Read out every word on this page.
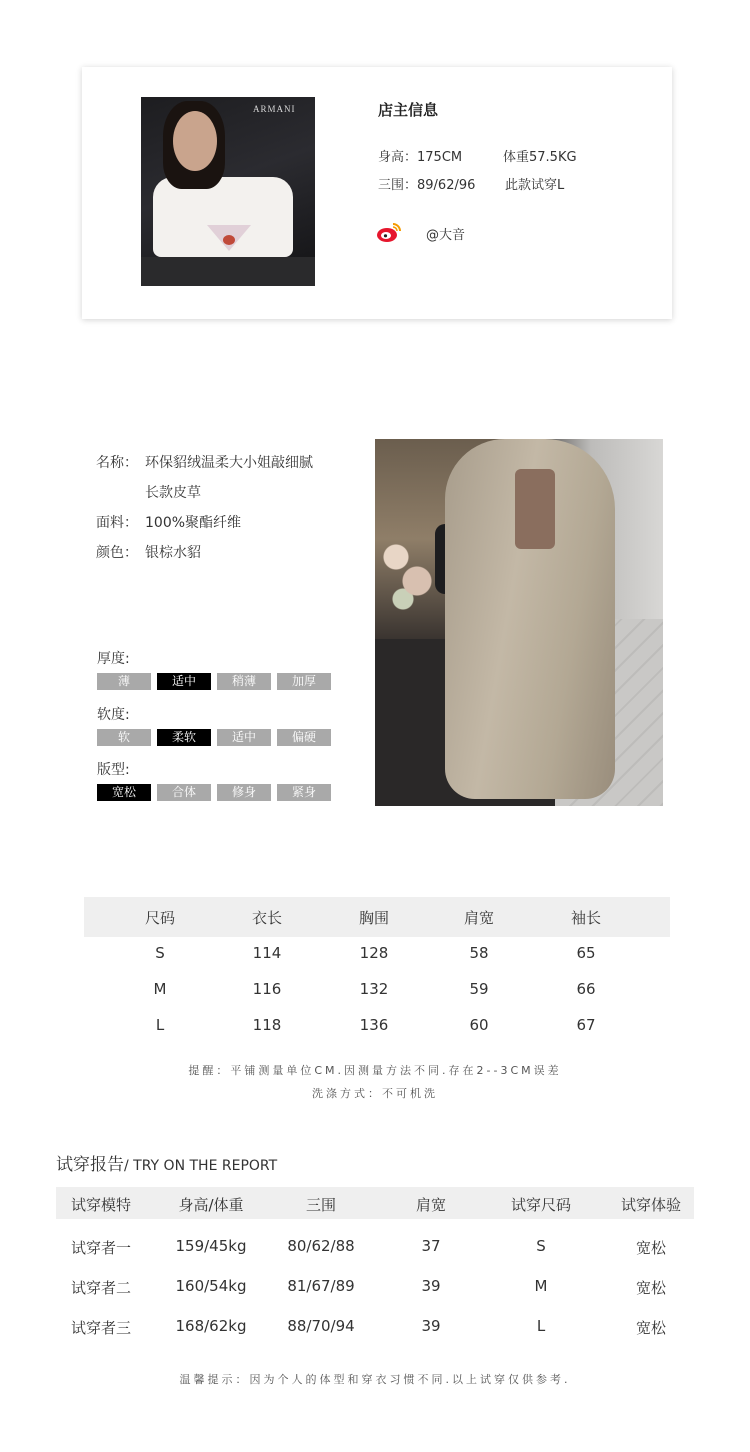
ARMANI	店主信息
身高：175CM	体重57.5KG
三围：89/62/96 此款试穿L
@大音
名称： 环保貂绒温柔大小姐敲细腻
长款皮草
面料： 100%聚酯纤维
颜色： 银棕水貂
厚度:
薄	适中	稍薄	加厚
软度:
软	柔软	适中	偏硬
版型:
宽松	合体	修身	紧身
尺码	衣长	胸围	肩宽	袖长
S	114	128	58	65
M	116	132	59	66
L	118	136	60	67
提醒：平铺测量单位CM.因测量方法不同.存在2--3CM误差
洗涤方式：不可机洗
试穿报告/ TRY ON THE REPORT
试穿模特	身高/体重	三围	肩宽	试穿尺码	试穿体验
试穿者一	159/45kg	80/62/88	37	S	宽松
试穿者二	160/54kg	81/67/89	39	M	宽松
试穿者三	168/62kg	88/70/94	39	L	宽松
温馨提示：因为个人的体型和穿衣习惯不同.以上试穿仅供参考.
